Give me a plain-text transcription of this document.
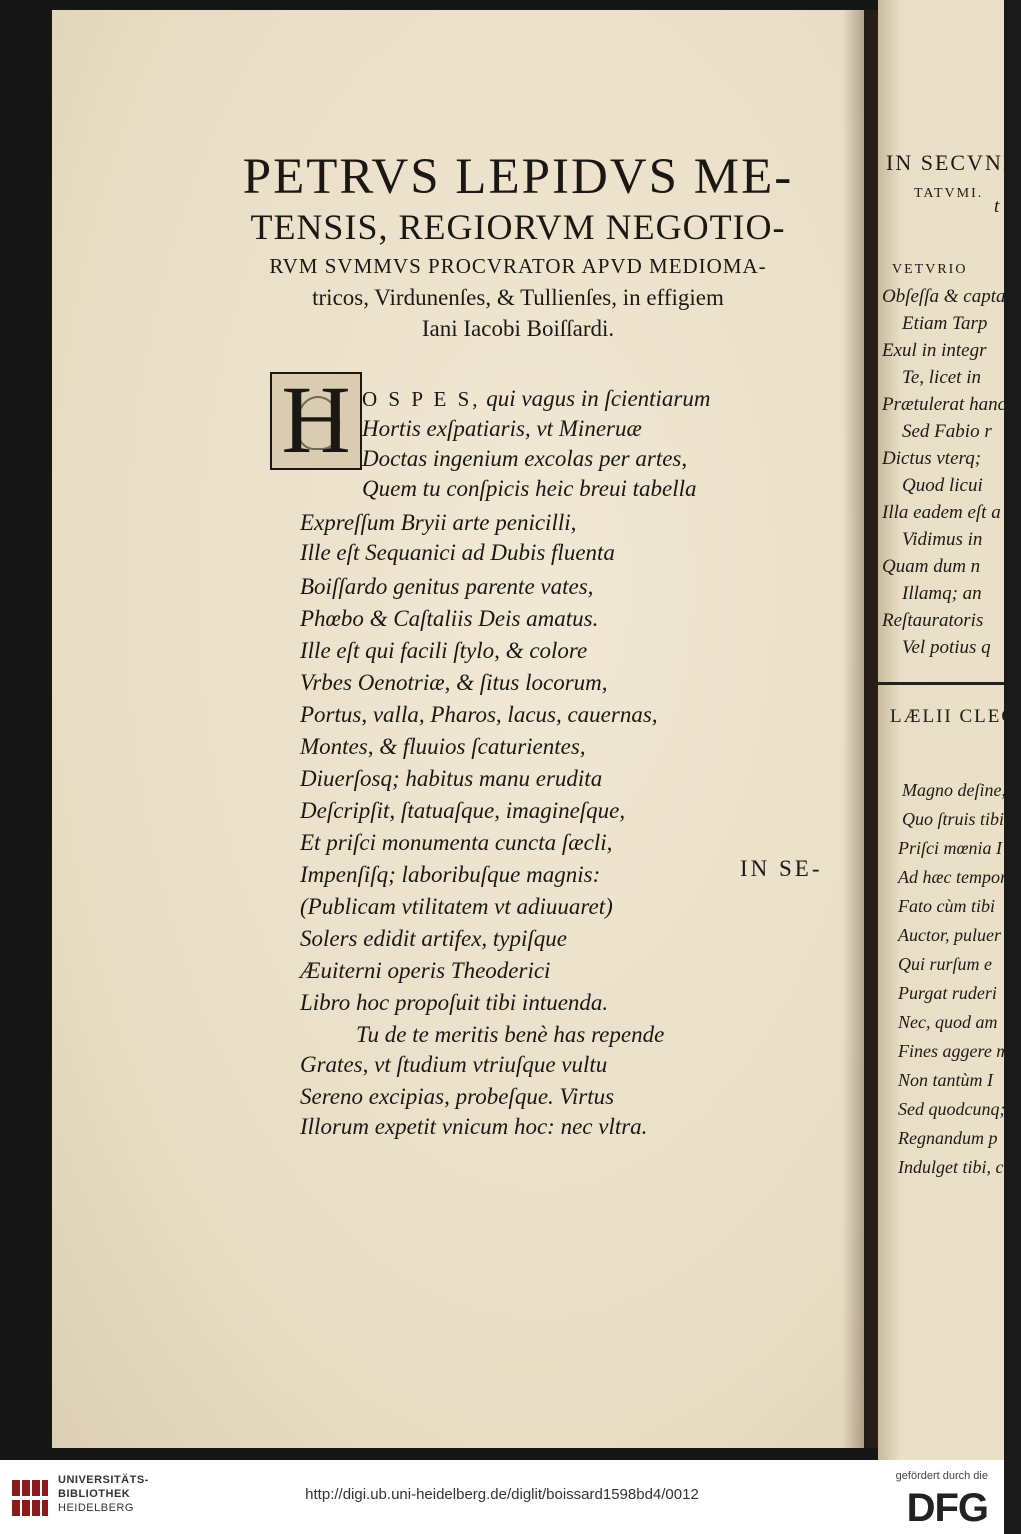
IN SECVND
TATVMI.
t
VETVRIO
Obſeſſa & capta
Etiam Tarp
Exul in integr
Te, licet in
Prætulerat hanc
Sed Fabio r
Dictus vterq;
Quod licui
Illa eadem eſt a
Vidimus in
Quam dum n
Illamq; an
Reſtauratoris
Vel potius q
LÆLII CLEC
Magno deſine, R
Quo ſtruis tibi c
Priſci mœnia I
Ad hæc tempor
Fato cùm tibi
Auctor, puluer
Qui rurſum e
Purgat ruderi
Nec, quod am
Fines aggere m
Non tantùm I
Sed quodcunq;
Regnandum p
Indulget tibi, c
PETRVS LEPIDVS ME-
TENSIS, REGIORVM NEGOTIO-
RVM SVMMVS PROCVRATOR APVD MEDIOMA-
tricos, Virdunenſes, & Tullienſes, in effigiem
Iani Iacobi Boiſſardi.
H O S P E S, qui vagus in ſcientiarum
Hortis exſpatiaris, vt Mineruæ
Doctas ingenium excolas per artes,
Quem tu conſpicis heic breui tabella
Expreſſum Bryii arte penicilli,
Ille eſt Sequanici ad Dubis fluenta
Boiſſardo genitus parente vates,
Phœbo & Caſtaliis Deis amatus.
Ille eſt qui facili ſtylo, & colore
Vrbes Oenotriæ, & ſitus locorum,
Portus, valla, Pharos, lacus, cauernas,
Montes, & fluuios ſcaturientes,
Diuerſosq; habitus manu erudita
Deſcripſit, ſtatuaſque, imagineſque,
Et priſci monumenta cuncta ſæcli,
Impenſiſq; laboribuſque magnis:
(Publicam vtilitatem vt adiuuaret)
Solers edidit artifex, typiſque
Æuiterni operis Theoderici
Libro hoc propoſuit tibi intuenda.
Tu de te meritis benè has repende
Grates, vt ſtudium vtriuſque vultu
Sereno excipias, probeſque. Virtus
Illorum expetit vnicum hoc: nec vltra.
IN SE-
UNIVERSITÄTS-
BIBLIOTHEK
HEIDELBERG
http://digi.ub.uni-heidelberg.de/diglit/boissard1598bd4/0012
gefördert durch die
DFG
